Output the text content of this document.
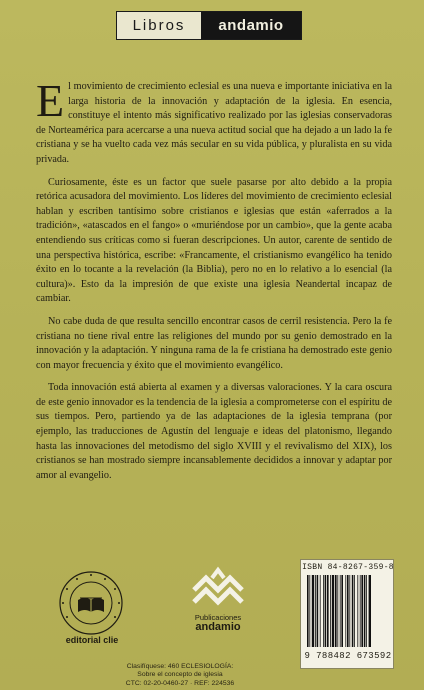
Libros	andamio

El movimiento de crecimiento eclesial es una nueva e importante iniciativa en la larga historia de la innovación y adaptación de la iglesia. En esencia, constituye el intento más significativo realizado por las iglesias conservadoras de Norteamérica para acercarse a una nueva actitud social que ha dejado a un lado la fe cristiana y se ha vuelto cada vez más secular en su vida pública, y pluralista en su vida privada.

Curiosamente, éste es un factor que suele pasarse por alto debido a la propia retórica acusadora del movimiento. Los líderes del movimiento de crecimiento eclesial hablan y escriben tantísimo sobre cristianos e iglesias que están «aferrados a la tradición», «atascados en el fango» o «muriéndose por un cambio», que la gente acaba entendiendo sus críticas como si fueran descripciones. Un autor, carente de sentido de una perspectiva histórica, escribe: «Francamente, el cristianismo evangélico ha tenido éxito en lo tocante a la revelación (la Biblia), pero no en lo relativo a lo esencial (la cultura)». Esto da la impresión de que existe una iglesia Neandertal incapaz de cambiar.

No cabe duda de que resulta sencillo encontrar casos de cerril resistencia. Pero la fe cristiana no tiene rival entre las religiones del mundo por su genio demostrado en la innovación y la adaptación. Y ninguna rama de la fe cristiana ha demostrado este genio con mayor frecuencia y éxito que el movimiento evangélico.

Toda innovación está abierta al examen y a diversas valoraciones. Y la cara oscura de este genio innovador es la tendencia de la iglesia a comprometerse con el espíritu de sus tiempos. Pero, partiendo ya de las adaptaciones de la iglesia temprana (por ejemplo, las traducciones de Agustín del lenguaje e ideas del platonismo, llegando hasta las innovaciones del metodismo del siglo XVIII y el revivalismo del XIX), los cristianos se han mostrado siempre incansablemente decididos a innovar y adaptar por amor al evangelio.

editorial clie
Publicaciones
andamio
ISBN 84-8267-359-8
9 788482 673592
Clasifíquese: 460 ECLESIOLOGÍA:
Sobre el concepto de iglesia
CTC: 02-20-0460-27 · REF: 224536
